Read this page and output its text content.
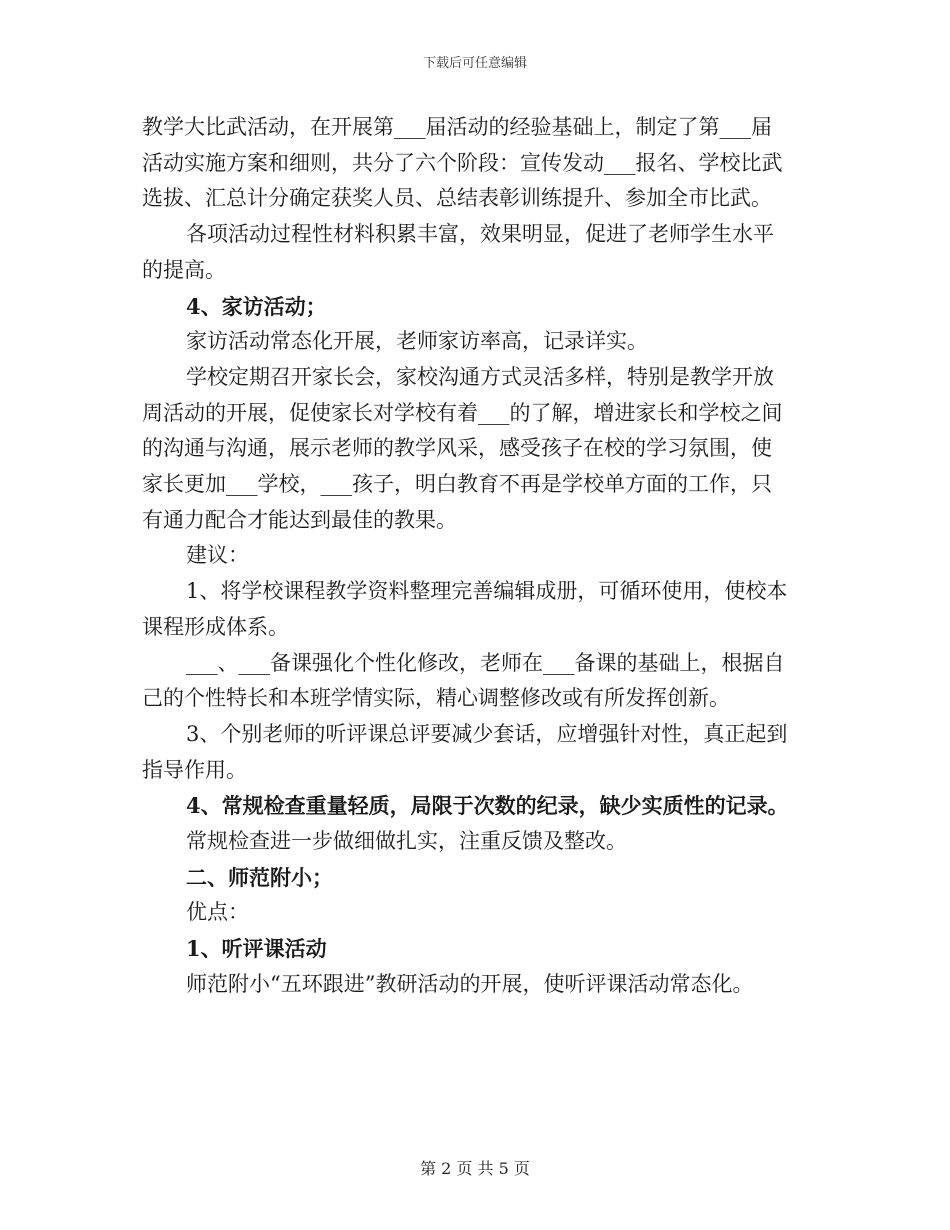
下载后可任意编辑
教学大比武活动，在开展第___届活动的经验基础上，制定了第___届
活动实施方案和细则，共分了六个阶段：宣传发动___报名、学校比武
选拔、汇总计分确定获奖人员、总结表彰训练提升、参加全市比武。
各项活动过程性材料积累丰富，效果明显，促进了老师学生水平
的提高。
4、家访活动；
家访活动常态化开展，老师家访率高，记录详实。
学校定期召开家长会，家校沟通方式灵活多样，特别是教学开放
周活动的开展，促使家长对学校有着___的了解，增进家长和学校之间
的沟通与沟通，展示老师的教学风采，感受孩子在校的学习氛围，使
家长更加___学校，___孩子，明白教育不再是学校单方面的工作，只
有通力配合才能达到最佳的教果。
建议：
1、将学校课程教学资料整理完善编辑成册，可循环使用，使校本
课程形成体系。
___、___备课强化个性化修改，老师在___备课的基础上，根据自
己的个性特长和本班学情实际，精心调整修改或有所发挥创新。
3、个别老师的听评课总评要减少套话，应增强针对性，真正起到
指导作用。
4、常规检查重量轻质，局限于次数的纪录，缺少实质性的记录。
常规检查进一步做细做扎实，注重反馈及整改。
二、师范附小；
优点：
1、听评课活动
师范附小“五环跟进”教研活动的开展，使听评课活动常态化。
第 2 页 共 5 页
